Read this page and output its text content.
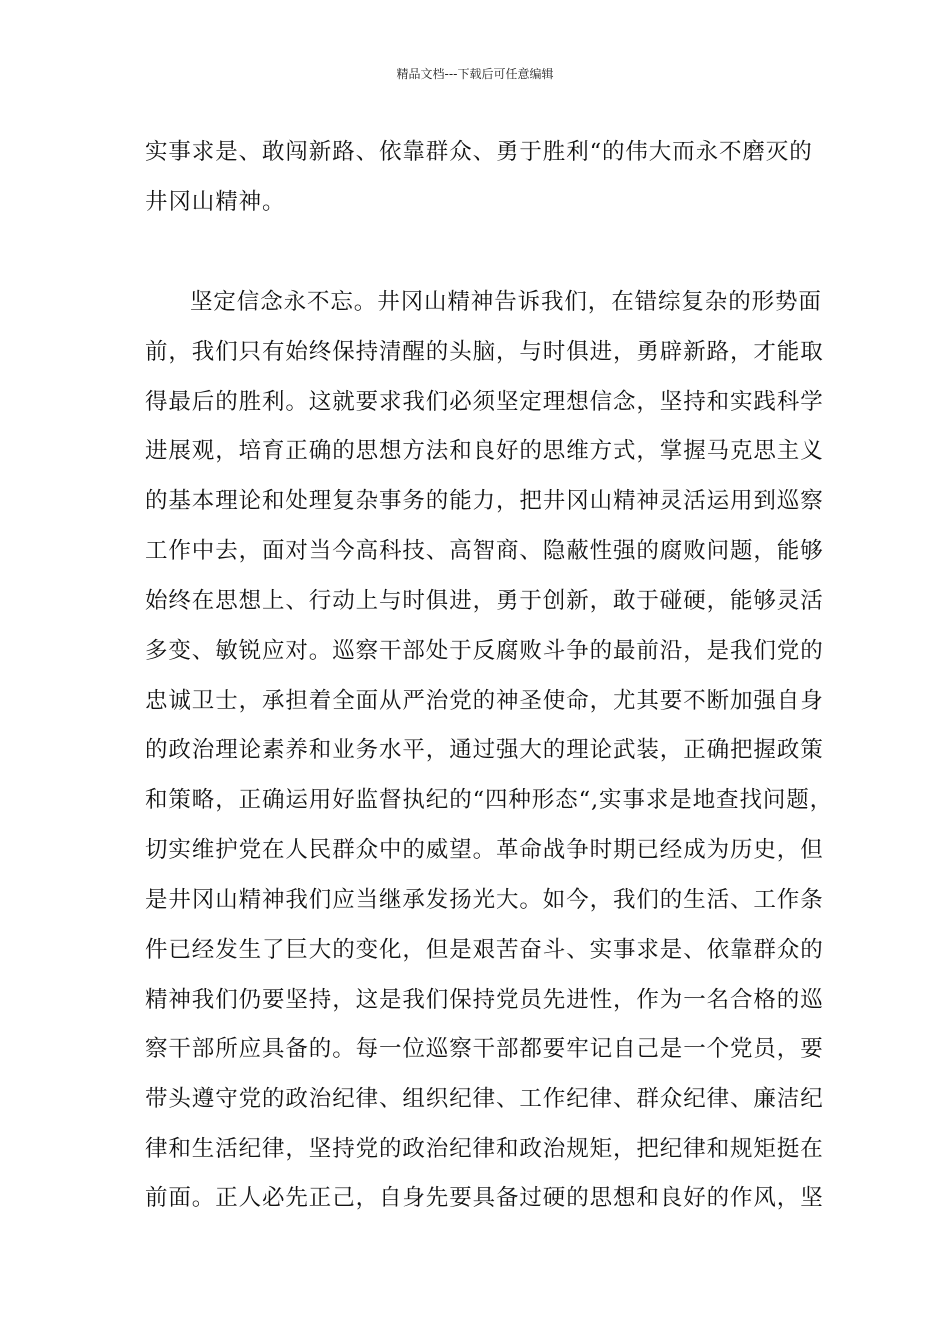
精品文档---下载后可任意编辑
实事求是、敢闯新路、依靠群众、勇于胜利“的伟大而永不磨灭的
井冈山精神。
坚定信念永不忘。井冈山精神告诉我们，在错综复杂的形势面
前，我们只有始终保持清醒的头脑，与时俱进，勇辟新路，才能取
得最后的胜利。这就要求我们必须坚定理想信念，坚持和实践科学
进展观，培育正确的思想方法和良好的思维方式，掌握马克思主义
的基本理论和处理复杂事务的能力，把井冈山精神灵活运用到巡察
工作中去，面对当今高科技、高智商、隐蔽性强的腐败问题，能够
始终在思想上、行动上与时俱进，勇于创新，敢于碰硬，能够灵活
多变、敏锐应对。巡察干部处于反腐败斗争的最前沿，是我们党的
忠诚卫士，承担着全面从严治党的神圣使命，尤其要不断加强自身
的政治理论素养和业务水平，通过强大的理论武装，正确把握政策
和策略，正确运用好监督执纪的“四种形态“,实事求是地查找问题，
切实维护党在人民群众中的威望。革命战争时期已经成为历史，但
是井冈山精神我们应当继承发扬光大。如今，我们的生活、工作条
件已经发生了巨大的变化，但是艰苦奋斗、实事求是、依靠群众的
精神我们仍要坚持，这是我们保持党员先进性，作为一名合格的巡
察干部所应具备的。每一位巡察干部都要牢记自己是一个党员，要
带头遵守党的政治纪律、组织纪律、工作纪律、群众纪律、廉洁纪
律和生活纪律，坚持党的政治纪律和政治规矩，把纪律和规矩挺在
前面。正人必先正己，自身先要具备过硬的思想和良好的作风，坚
